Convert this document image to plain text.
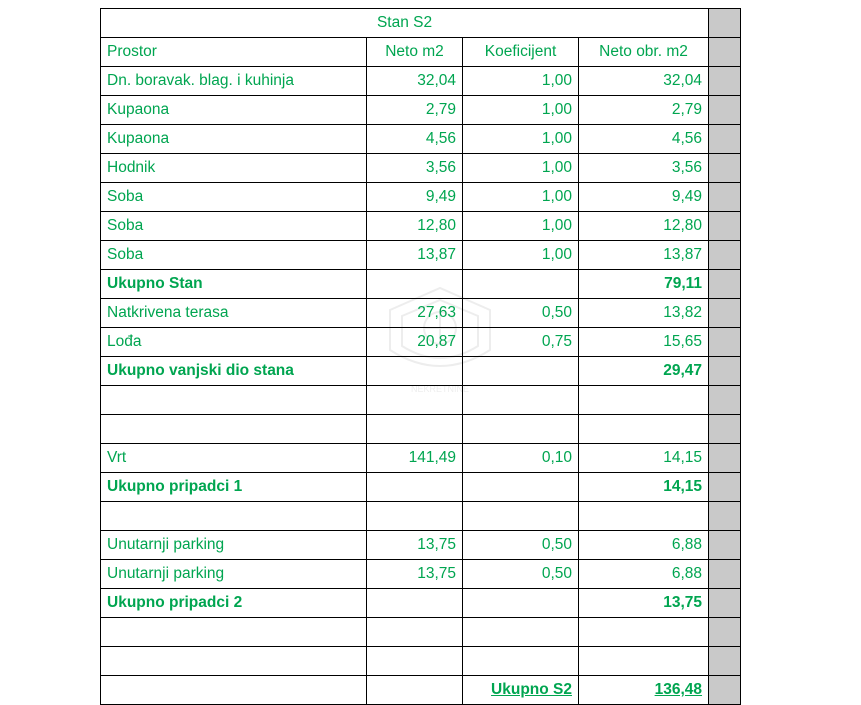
NEKRETNINE
Stan S2				
Prostor	Neto m2	Koeficijent	Neto obr. m2	
Dn. boravak. blag. i kuhinja	32,04	1,00	32,04	
Kupaona	2,79	1,00	2,79	
Kupaona	4,56	1,00	4,56	
Hodnik	3,56	1,00	3,56	
Soba	9,49	1,00	9,49	
Soba	12,80	1,00	12,80	
Soba	13,87	1,00	13,87	
Ukupno Stan			79,11	
Natkrivena terasa	27,63	0,50	13,82	
Lođa	20,87	0,75	15,65	
Ukupno vanjski dio stana			29,47	

Vrt	141,49	0,10	14,15	
Ukupno pripadci 1			14,15	

Unutarnji parking	13,75	0,50	6,88	
Unutarnji parking	13,75	0,50	6,88	
Ukupno pripadci 2			13,75	

		Ukupno S2	136,48	
